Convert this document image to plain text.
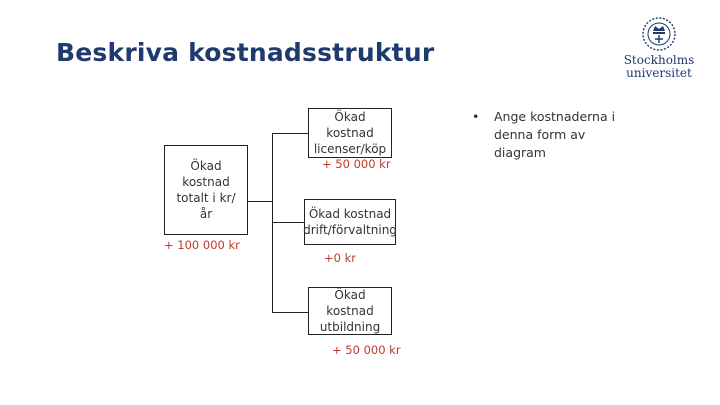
Beskriva kostnadsstruktur	Stockholms
universitet
Ökad kostnad totalt i kr/år
+ 100 000 kr
Ökad kostnad licenser/köp
+ 50 000 kr
Ökad kostnad drift/förvaltning
+0 kr
Ökad kostnad utbildning
+ 50 000 kr
• Ange kostnaderna i denna form av diagram
